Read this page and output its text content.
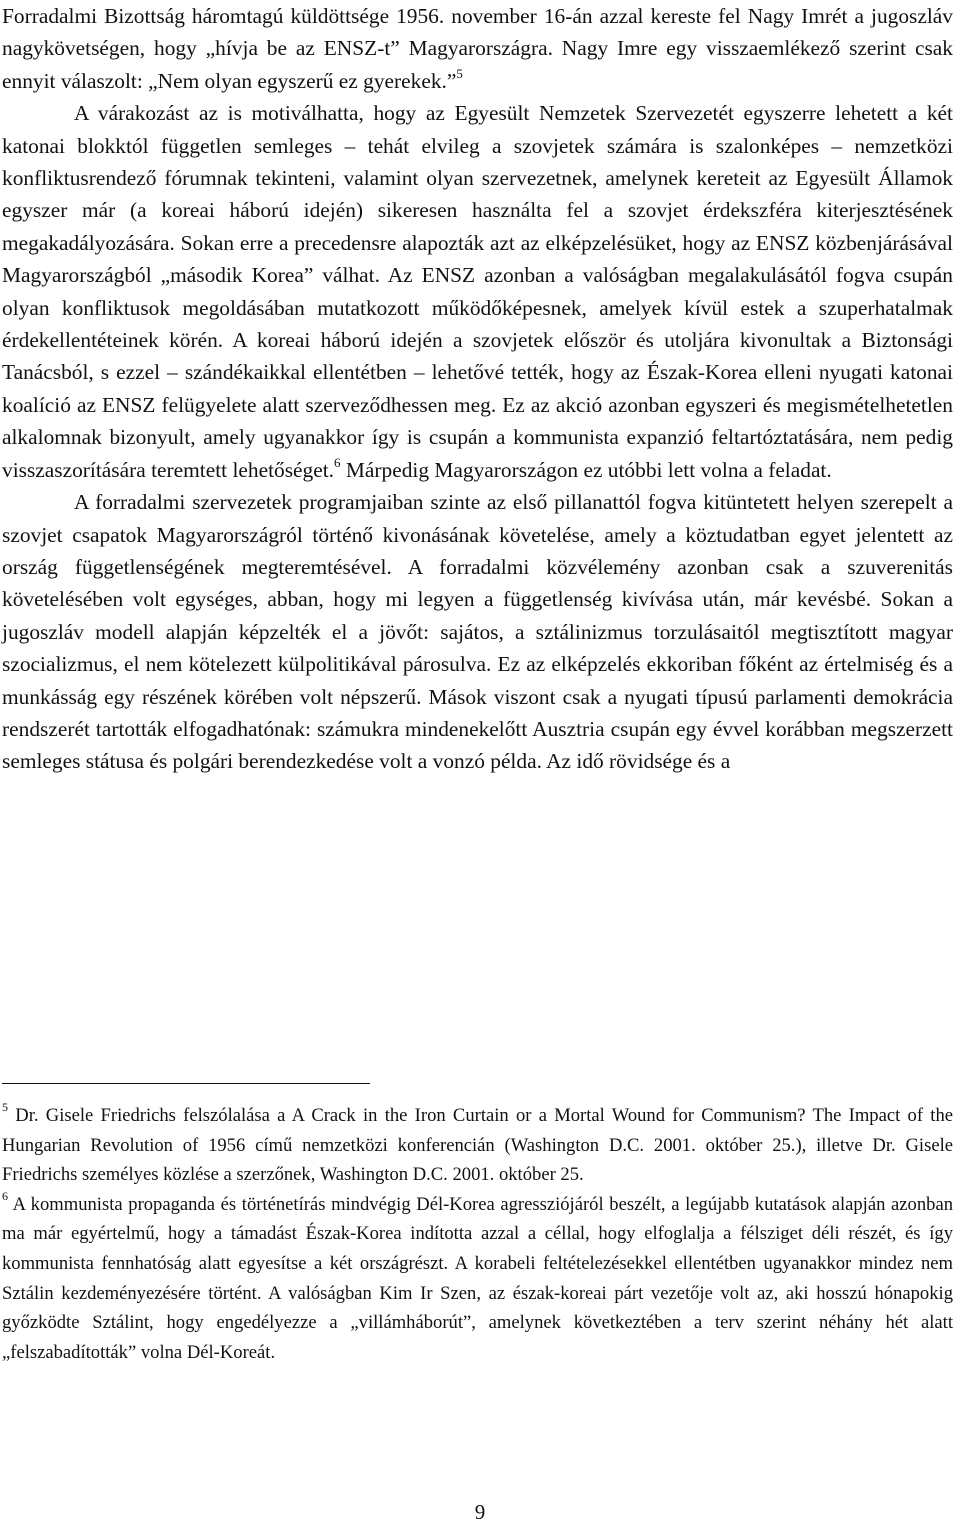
Forradalmi Bizottság háromtagú küldöttsége 1956. november 16-án azzal kereste fel Nagy Imrét a jugoszláv nagykövetségen, hogy „hívja be az ENSZ-t” Magyarországra. Nagy Imre egy visszaemlékező szerint csak ennyit válaszolt: „Nem olyan egyszerű ez gyerekek.”$^5$

A várakozást az is motiválhatta, hogy az Egyesült Nemzetek Szervezetét egyszerre lehetett a két katonai blokktól független semleges – tehát elvileg a szovjetek számára is szalonképes – nemzetközi konfliktusrendező fórumnak tekinteni, valamint olyan szervezetnek, amelynek kereteit az Egyesült Államok egyszer már (a koreai háború idején) sikeresen használta fel a szovjet érdekszféra kiterjesztésének megakadályozására. Sokan erre a precedensre alapozták azt az elképzelésüket, hogy az ENSZ közbenjárásával Magyarországból „második Korea” válhat. Az ENSZ azonban a valóságban megalakulásától fogva csupán olyan konfliktusok megoldásában mutatkozott működőképesnek, amelyek kívül estek a szuperhatalmak érdekellentéteinek körén. A koreai háború idején a szovjetek először és utoljára kivonultak a Biztonsági Tanácsból, s ezzel – szándékaikkal ellentétben – lehetővé tették, hogy az Észak-Korea elleni nyugati katonai koalíció az ENSZ felügyelete alatt szerveződhessen meg. Ez az akció azonban egyszeri és megismételhetetlen alkalomnak bizonyult, amely ugyanakkor így is csupán a kommunista expanzió feltartóztatására, nem pedig visszaszorítására teremtett lehetőséget.$^6$ Márpedig Magyarországon ez utóbbi lett volna a feladat.

A forradalmi szervezetek programjaiban szinte az első pillanattól fogva kitüntetett helyen szerepelt a szovjet csapatok Magyarországról történő kivonásának követelése, amely a köztudatban egyet jelentett az ország függetlenségének megteremtésével. A forradalmi közvélemény azonban csak a szuverenitás követelésében volt egységes, abban, hogy mi legyen a függetlenség kivívása után, már kevésbé. Sokan a jugoszláv modell alapján képzelték el a jövőt: sajátos, a sztálinizmus torzulásaitól megtisztított magyar szocializmus, el nem kötelezett külpolitikával párosulva. Ez az elképzelés ekkoriban főként az értelmiség és a munkásság egy részének körében volt népszerű. Mások viszont csak a nyugati típusú parlamenti demokrácia rendszerét tartották elfogadhatónak: számukra mindenekelőtt Ausztria csupán egy évvel korábban megszerzett semleges státusa és polgári berendezkedése volt a vonzó példa. Az idő rövidsége és a

$^5$ Dr. Gisele Friedrichs felszólalása a A Crack in the Iron Curtain or a Mortal Wound for Communism? The Impact of the Hungarian Revolution of 1956 című nemzetközi konferencián (Washington D.C. 2001. október 25.), illetve Dr. Gisele Friedrichs személyes közlése a szerzőnek, Washington D.C. 2001. október 25.

$^6$ A kommunista propaganda és történetírás mindvégig Dél-Korea agressziójáról beszélt, a legújabb kutatások alapján azonban ma már egyértelmű, hogy a támadást Észak-Korea indította azzal a céllal, hogy elfoglalja a félsziget déli részét, és így kommunista fennhatóság alatt egyesítse a két országrészt. A korabeli feltételezésekkel ellentétben ugyanakkor mindez nem Sztálin kezdeményezésére történt. A valóságban Kim Ir Szen, az észak-koreai párt vezetője volt az, aki hosszú hónapokig győzködte Sztálint, hogy engedélyezze a „villámháborút”, amelynek következtében a terv szerint néhány hét alatt „felszabadították” volna Dél-Koreát.

9
